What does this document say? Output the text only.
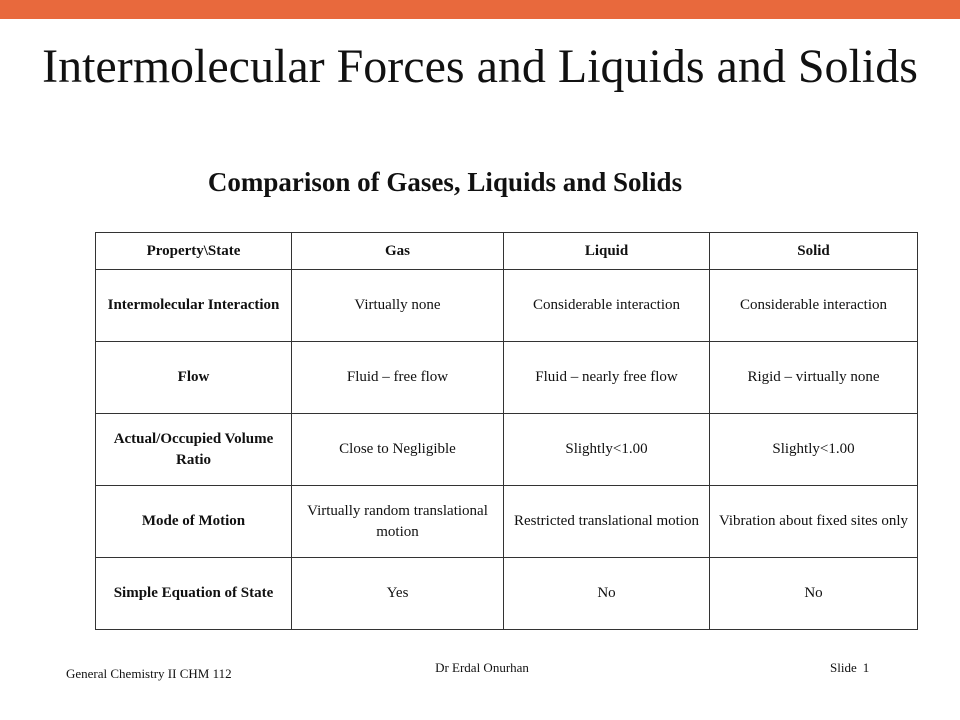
Intermolecular Forces and Liquids and Solids
Comparison of Gases, Liquids and Solids
Property\State	Gas	Liquid	Solid
Intermolecular Interaction	Virtually none	Considerable interaction	Considerable interaction
Flow	Fluid – free flow	Fluid – nearly free flow	Rigid – virtually none
Actual/Occupied Volume Ratio	Close to Negligible	Slightly<1.00	Slightly<1.00
Mode of Motion	Virtually random translational motion	Restricted translational motion	Vibration about fixed sites only
Simple Equation of State	Yes	No	No
General Chemistry II CHM 112	Dr Erdal Onurhan	Slide 1
